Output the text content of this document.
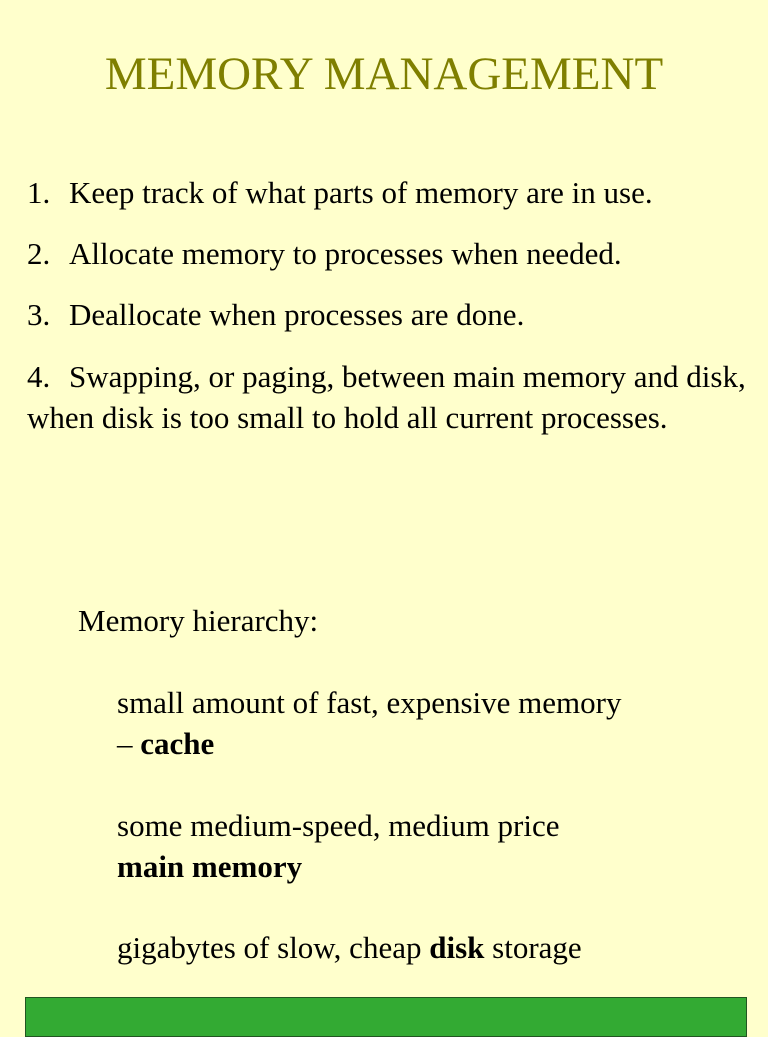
MEMORY MANAGEMENT
1. Keep track of what parts of memory are in use.
2. Allocate memory to processes when needed.
3. Deallocate when processes are done.
4. Swapping, or paging, between main memory and disk, when disk is too small to hold all current processes.
Memory hierarchy:
small amount of fast, expensive memory
– cache
some medium-speed, medium price
main memory
gigabytes of slow, cheap disk storage
